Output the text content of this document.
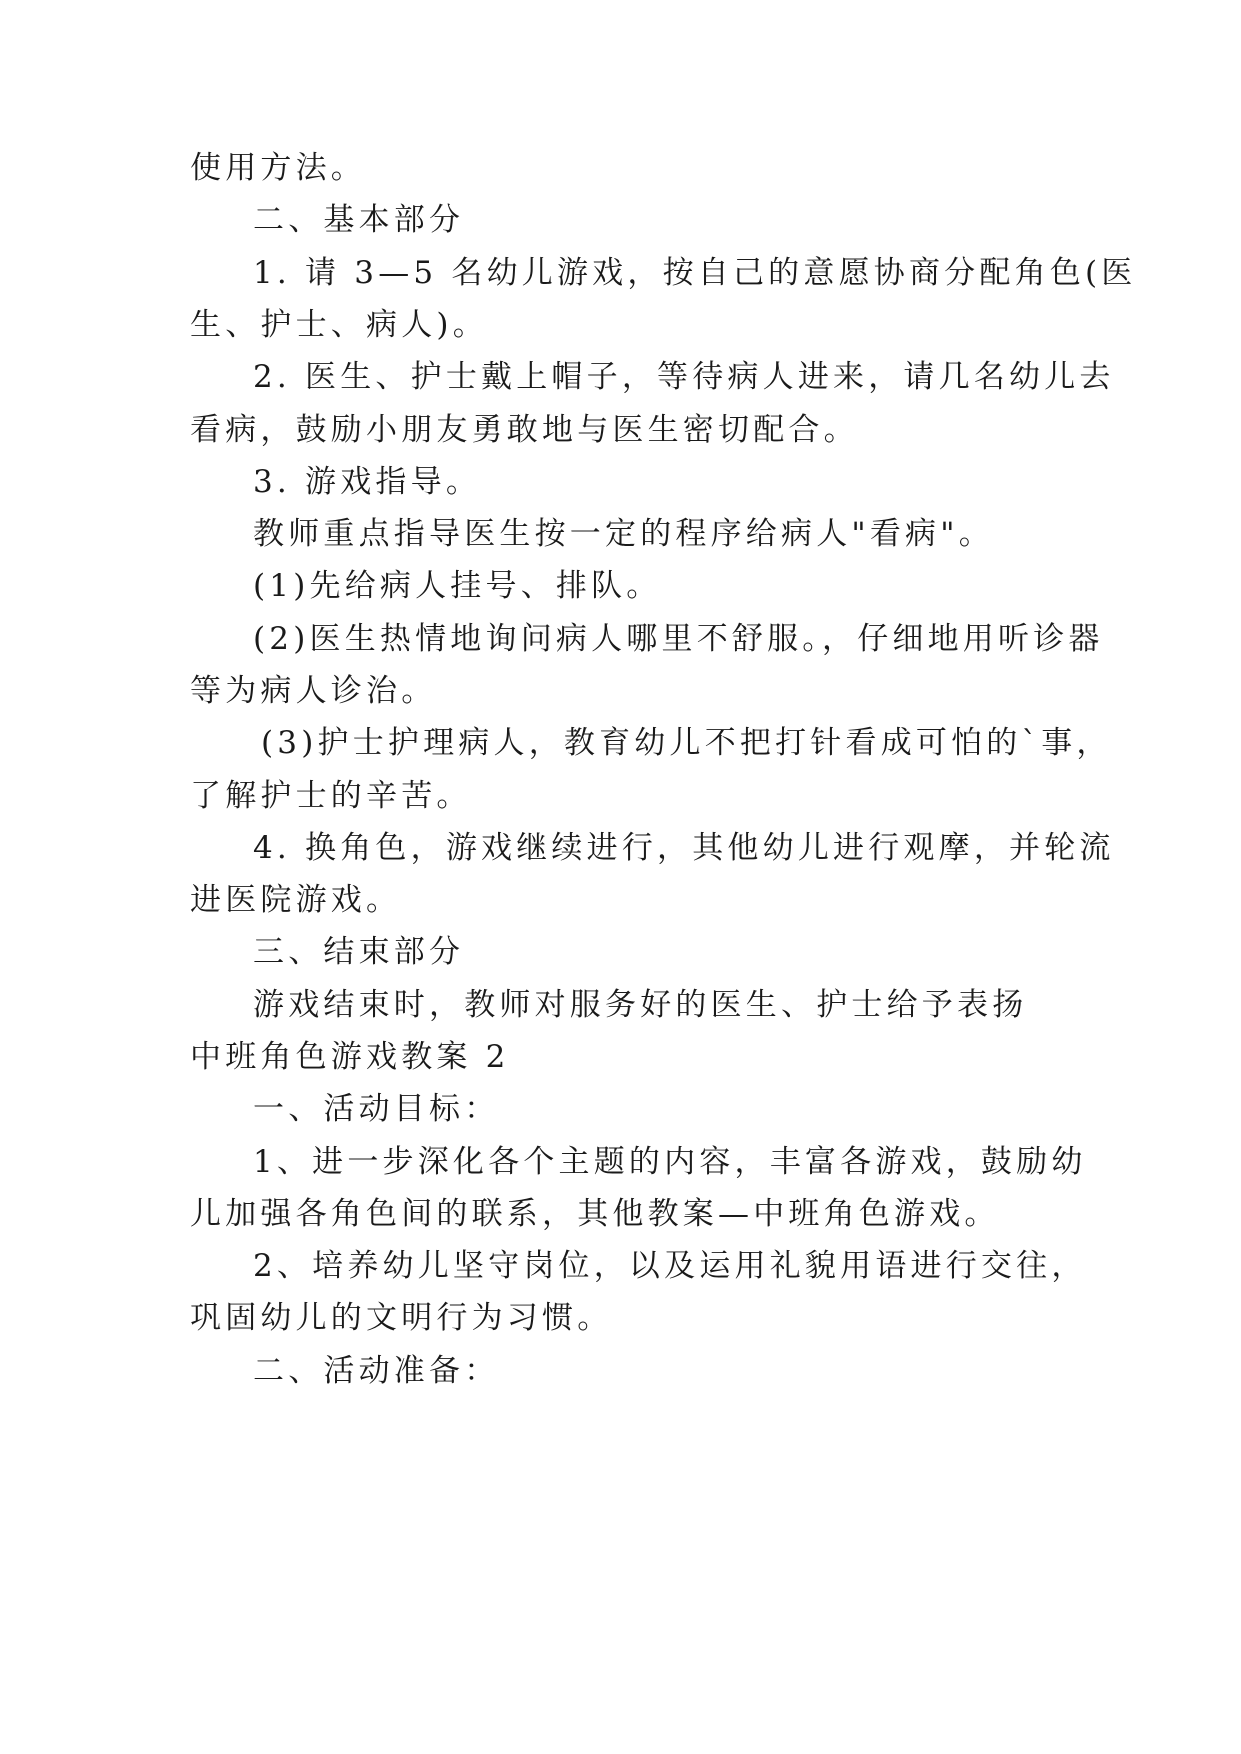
使用方法。
二、基本部分
1. 请 3—5 名幼儿游戏，按自己的意愿协商分配角色(医
生、护士、病人)。
2. 医生、护士戴上帽子，等待病人进来，请几名幼儿去
看病，鼓励小朋友勇敢地与医生密切配合。
3. 游戏指导。
教师重点指导医生按一定的程序给病人"看病"。
(1)先给病人挂号、排队。
(2)医生热情地询问病人哪里不舒服。，仔细地用听诊器
等为病人诊治。
(3)护士护理病人，教育幼儿不把打针看成可怕的`事，
了解护士的辛苦。
4. 换角色，游戏继续进行，其他幼儿进行观摩，并轮流
进医院游戏。
三、结束部分
游戏结束时，教师对服务好的医生、护士给予表扬
中班角色游戏教案 2
一、活动目标：
1、进一步深化各个主题的内容，丰富各游戏，鼓励幼
儿加强各角色间的联系，其他教案—中班角色游戏。
2、培养幼儿坚守岗位，以及运用礼貌用语进行交往，
巩固幼儿的文明行为习惯。
二、活动准备：
